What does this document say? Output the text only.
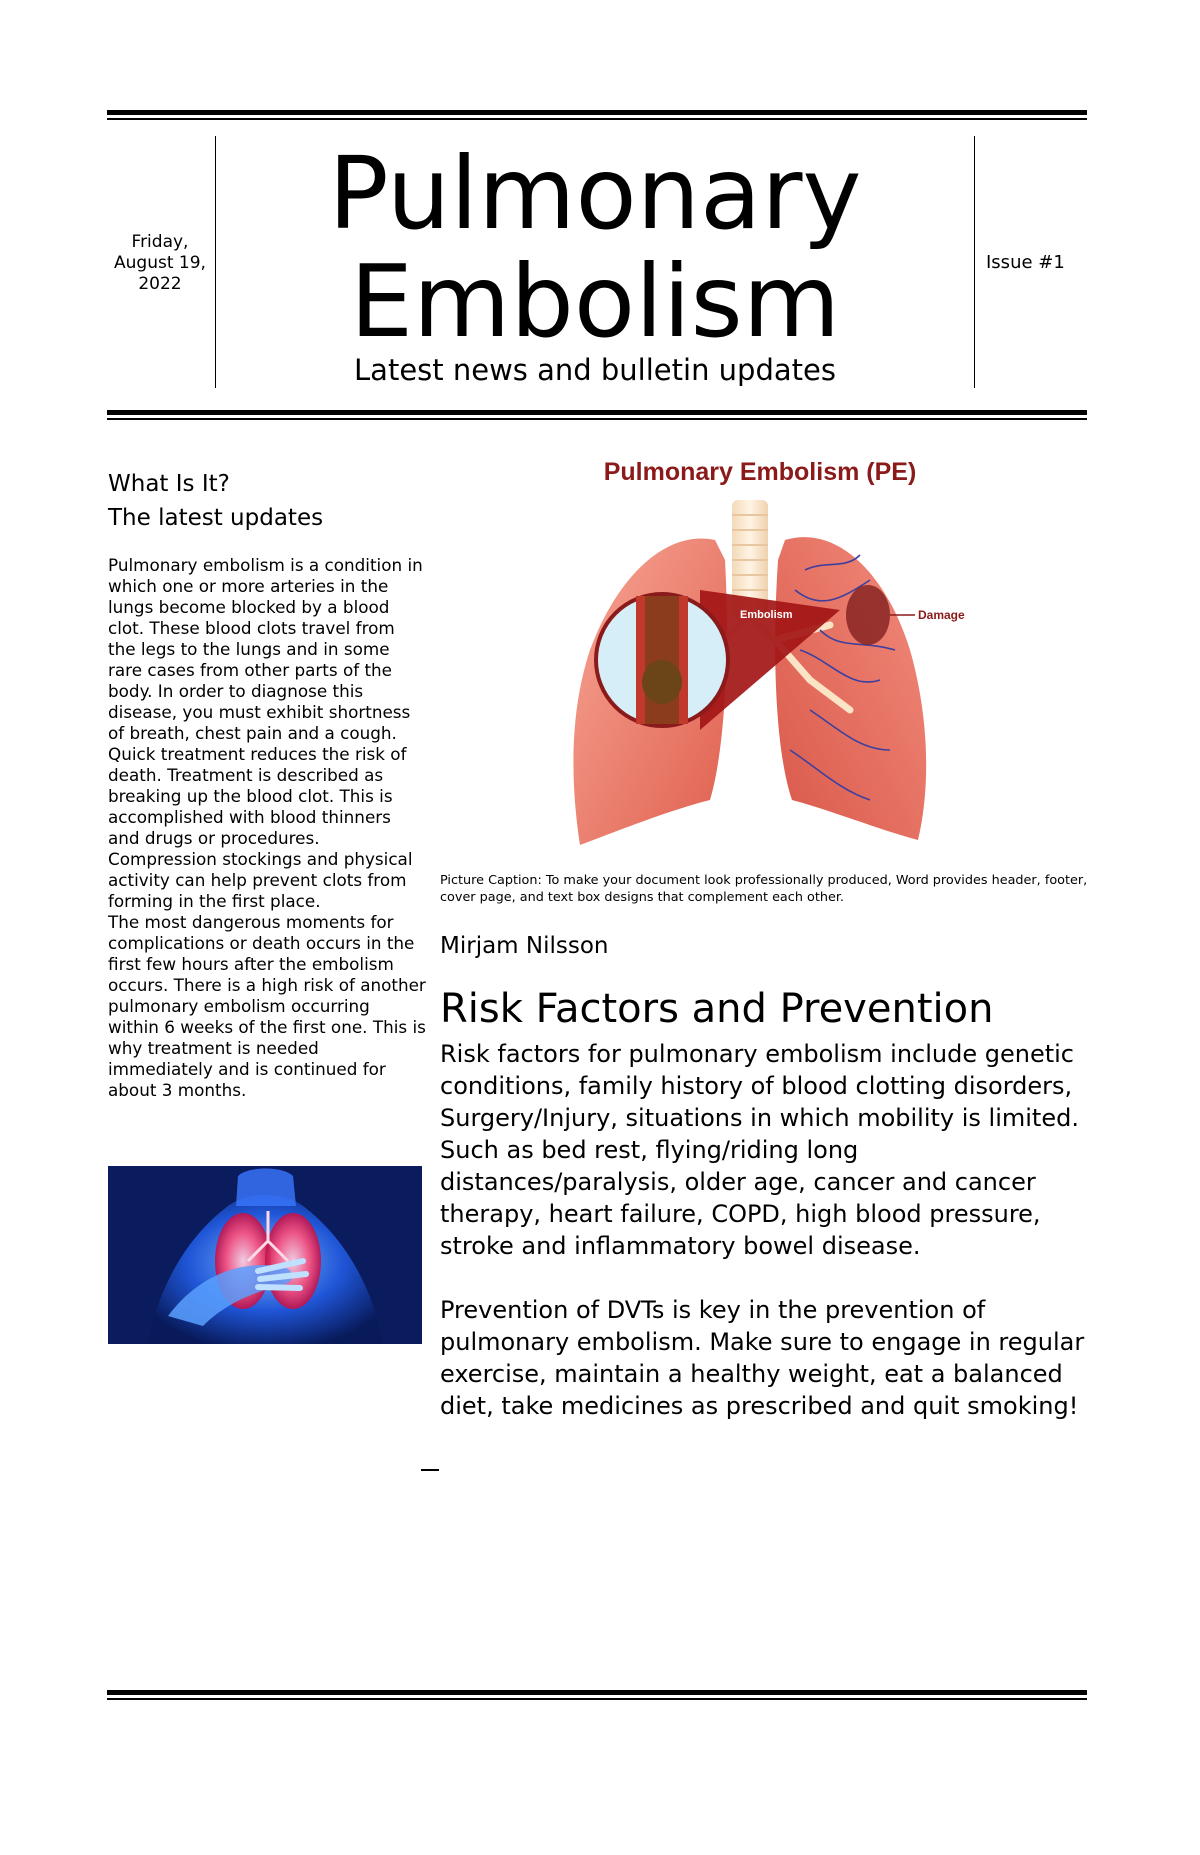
Friday, August 19, 2022
Issue #1
Pulmonary
Embolism
Latest news and bulletin updates
What Is It?
The latest updates

Pulmonary embolism is a condition in which one or more arteries in the lungs become blocked by a blood clot. These blood clots travel from the legs to the lungs and in some rare cases from other parts of the body. In order to diagnose this disease, you must exhibit shortness of breath, chest pain and a cough. Quick treatment reduces the risk of death. Treatment is described as breaking up the blood clot. This is accomplished with blood thinners and drugs or procedures. Compression stockings and physical activity can help prevent clots from forming in the first place.

The most dangerous moments for complications or death occurs in the first few hours after the embolism occurs. There is a high risk of another pulmonary embolism occurring within 6 weeks of the first one. This is why treatment is needed immediately and is continued for about 3 months.

Pulmonary Embolism (PE)
Damage
Embolism
Picture Caption: To make your document look professionally produced, Word provides header, footer, cover page, and text box designs that complement each other.
Mirjam Nilsson
Risk Factors and Prevention

Risk factors for pulmonary embolism include genetic conditions, family history of blood clotting disorders, Surgery/Injury, situations in which mobility is limited. Such as bed rest, flying/riding long distances/paralysis, older age, cancer and cancer therapy, heart failure, COPD, high blood pressure, stroke and inflammatory bowel disease.

Prevention of DVTs is key in the prevention of pulmonary embolism. Make sure to engage in regular exercise, maintain a healthy weight, eat a balanced diet, take medicines as prescribed and quit smoking!
